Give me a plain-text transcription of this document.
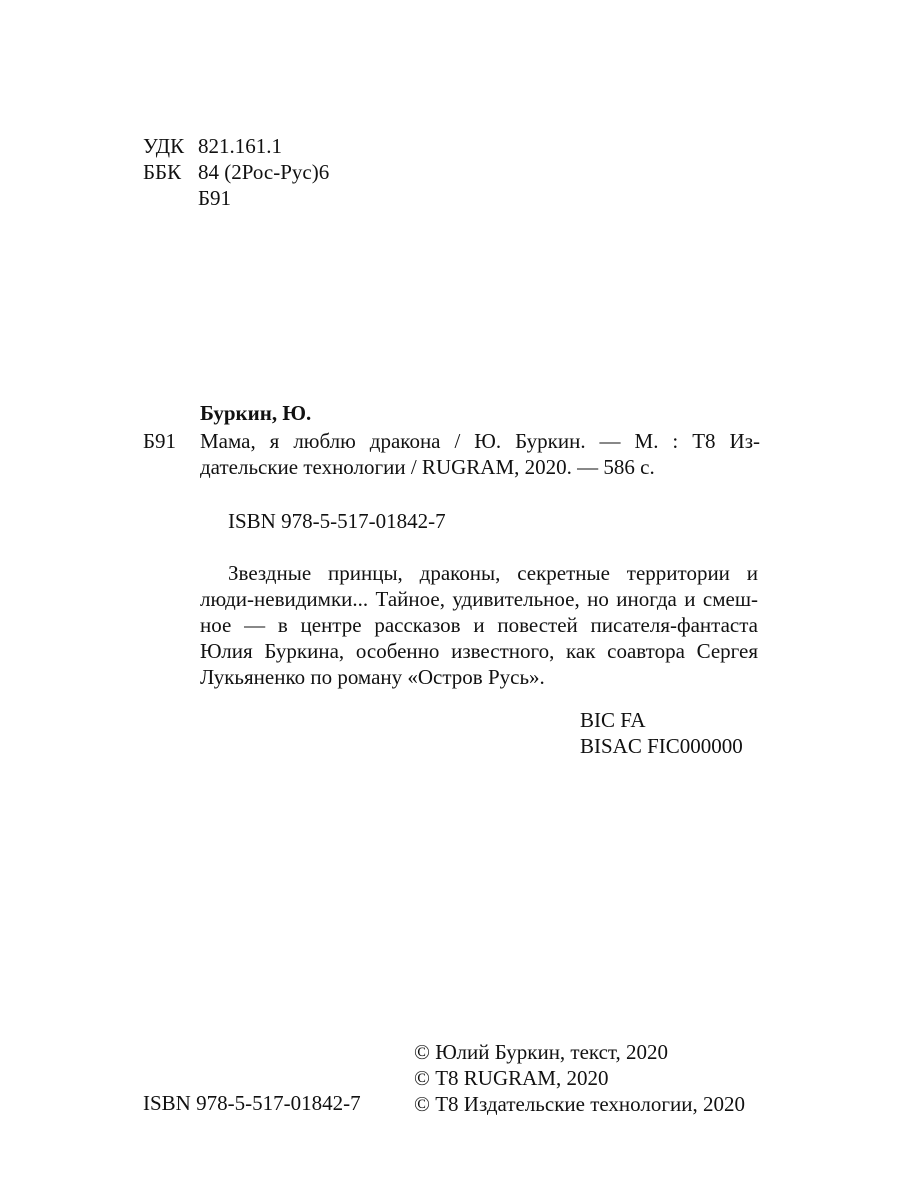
УДК 821.161.1
ББК 84 (2Рос-Рус)6
Б91
Буркин, Ю.
Б91 Мама, я люблю дракона / Ю. Буркин. — М. : Т8 Из-
дательские технологии / RUGRAM, 2020. — 586 с.
ISBN 978-5-517-01842-7
Звездные принцы, драконы, секретные территории и
люди-невидимки... Тайное, удивительное, но иногда и смеш-
ное — в центре рассказов и повестей писателя-фантаста
Юлия Буркина, особенно известного, как соавтора Сергея
Лукьяненко по роману «Остров Русь».
BIC FA
BISAC FIC000000
ISBN 978-5-517-01842-7
© Юлий Буркин, текст, 2020
© Т8 RUGRAM, 2020
© Т8 Издательские технологии, 2020
